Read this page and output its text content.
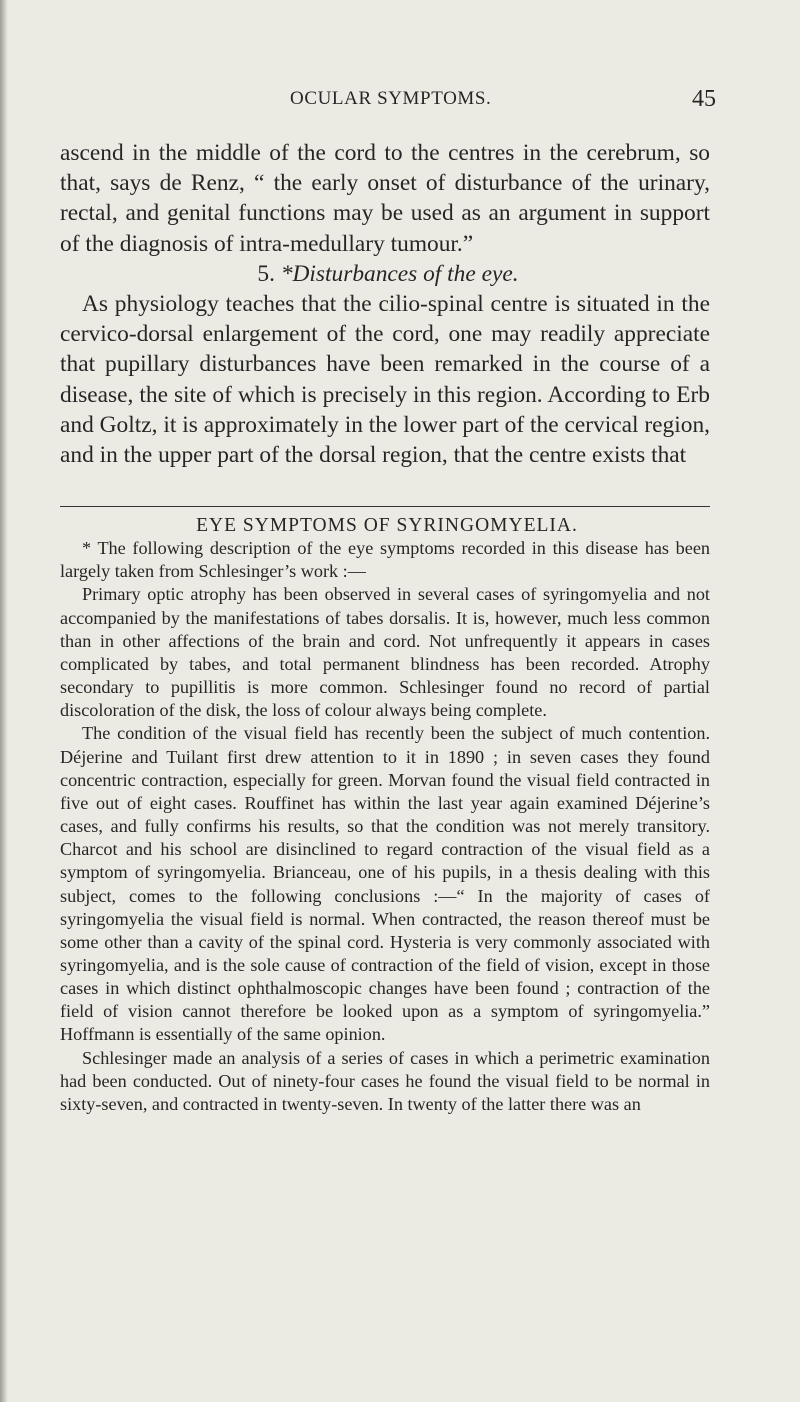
OCULAR SYMPTOMS.	45

ascend in the middle of the cord to the centres in the cerebrum, so that, says de Renz, “ the early onset of disturbance of the urinary, rectal, and genital functions may be used as an argument in support of the diagnosis of intra-medullary tumour.”

5. *Disturbances of the eye.

As physiology teaches that the cilio-spinal centre is situated in the cervico-dorsal enlargement of the cord, one may readily appreciate that pupillary disturbances have been remarked in the course of a disease, the site of which is precisely in this region. According to Erb and Goltz, it is approximately in the lower part of the cervical region, and in the upper part of the dorsal region, that the centre exists that

EYE SYMPTOMS OF SYRINGOMYELIA.

* The following description of the eye symptoms recorded in this disease has been largely taken from Schlesinger’s work :—

Primary optic atrophy has been observed in several cases of syringomyelia and not accompanied by the manifestations of tabes dorsalis. It is, however, much less common than in other affections of the brain and cord. Not unfrequently it appears in cases complicated by tabes, and total permanent blindness has been recorded. Atrophy secondary to pupillitis is more common. Schlesinger found no record of partial discoloration of the disk, the loss of colour always being complete.

The condition of the visual field has recently been the subject of much contention. Déjerine and Tuilant first drew attention to it in 1890 ; in seven cases they found concentric contraction, especially for green. Morvan found the visual field contracted in five out of eight cases. Rouffinet has within the last year again examined Déjerine’s cases, and fully confirms his results, so that the condition was not merely transitory. Charcot and his school are disinclined to regard contraction of the visual field as a symptom of syringomyelia. Brianceau, one of his pupils, in a thesis dealing with this subject, comes to the following conclusions :—“ In the majority of cases of syringomyelia the visual field is normal. When contracted, the reason thereof must be some other than a cavity of the spinal cord. Hysteria is very commonly associated with syringomyelia, and is the sole cause of contraction of the field of vision, except in those cases in which distinct ophthalmoscopic changes have been found ; contraction of the field of vision cannot therefore be looked upon as a symptom of syringomyelia.” Hoffmann is essentially of the same opinion.

Schlesinger made an analysis of a series of cases in which a perimetric examination had been conducted. Out of ninety-four cases he found the visual field to be normal in sixty-seven, and contracted in twenty-seven. In twenty of the latter there was an
